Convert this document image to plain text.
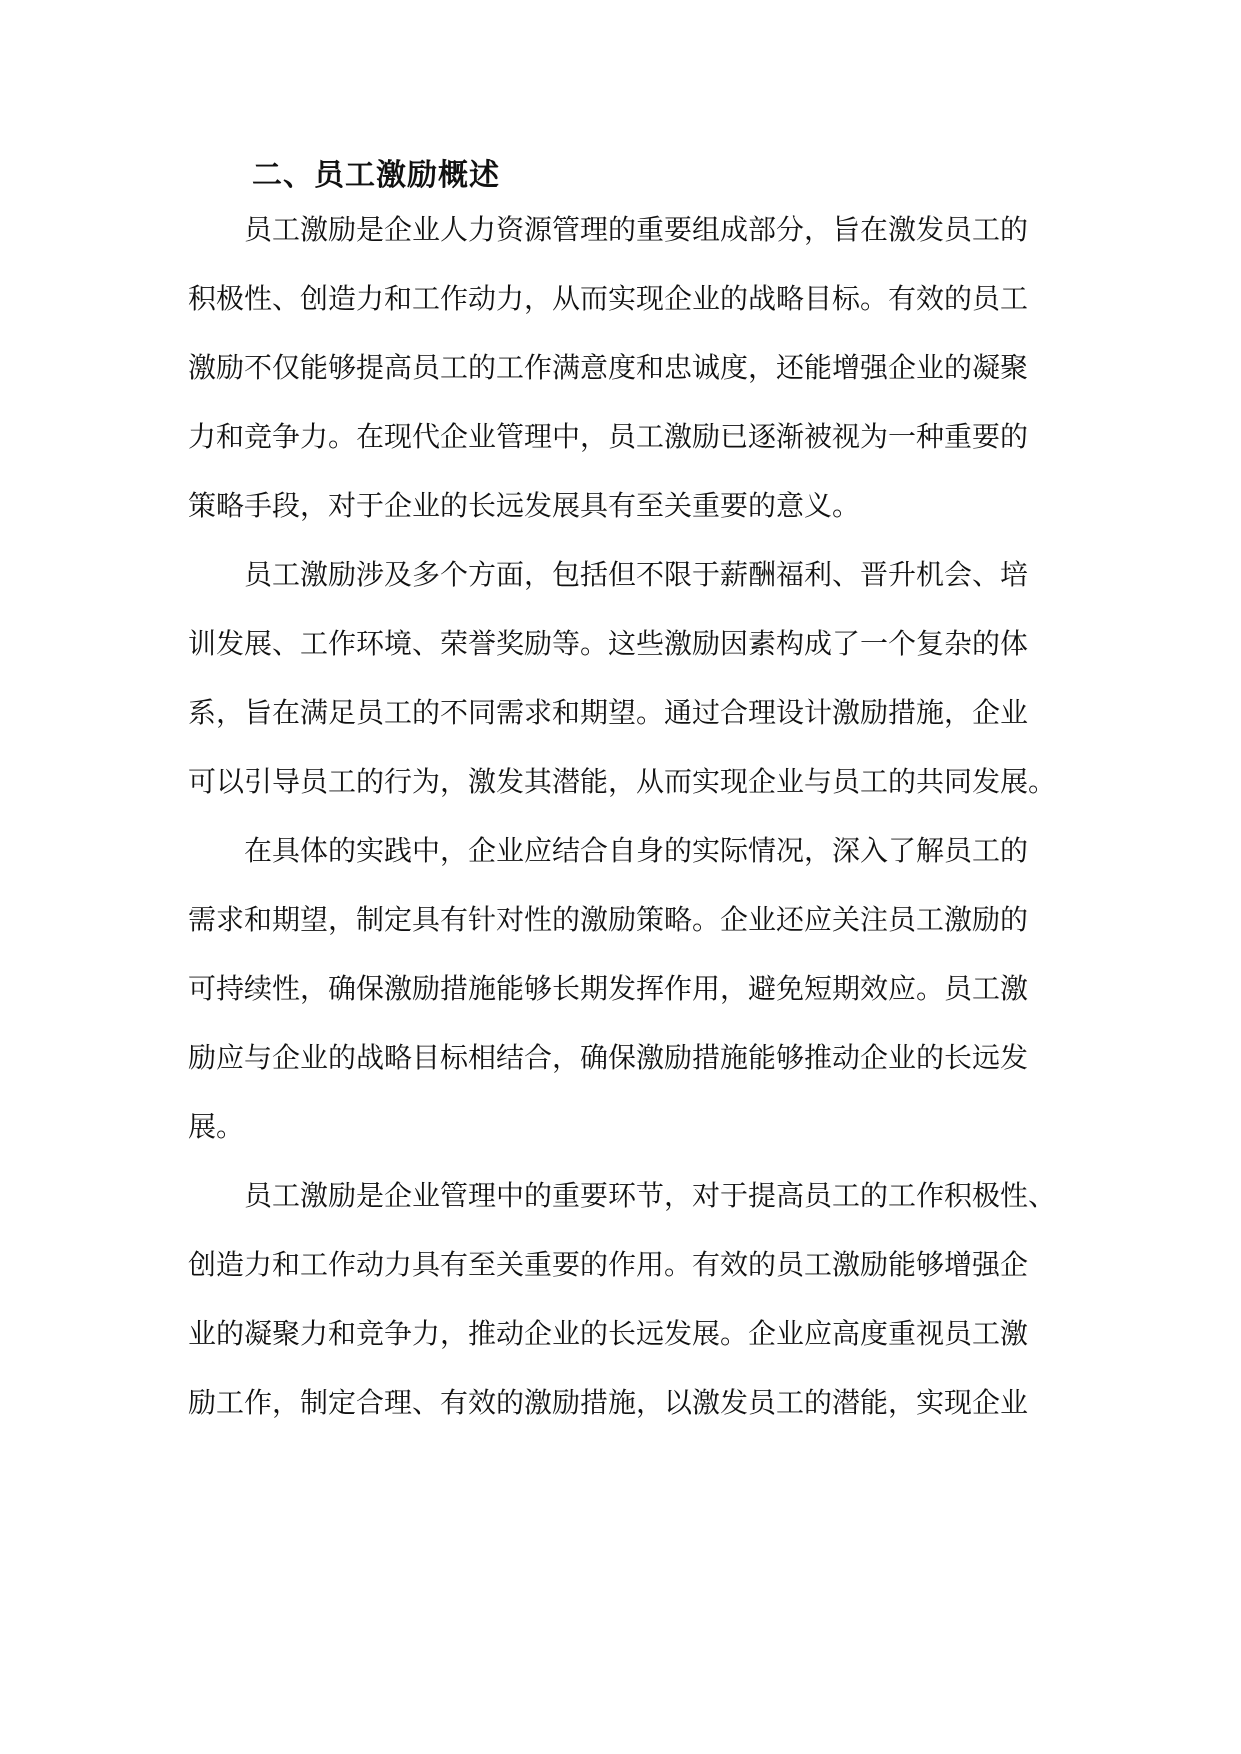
二、员工激励概述
员工激励是企业人力资源管理的重要组成部分，旨在激发员工的
积极性、创造力和工作动力，从而实现企业的战略目标。有效的员工
激励不仅能够提高员工的工作满意度和忠诚度，还能增强企业的凝聚
力和竞争力。在现代企业管理中，员工激励已逐渐被视为一种重要的
策略手段，对于企业的长远发展具有至关重要的意义。
员工激励涉及多个方面，包括但不限于薪酬福利、晋升机会、培
训发展、工作环境、荣誉奖励等。这些激励因素构成了一个复杂的体
系，旨在满足员工的不同需求和期望。通过合理设计激励措施，企业
可以引导员工的行为，激发其潜能，从而实现企业与员工的共同发展。
在具体的实践中，企业应结合自身的实际情况，深入了解员工的
需求和期望，制定具有针对性的激励策略。企业还应关注员工激励的
可持续性，确保激励措施能够长期发挥作用，避免短期效应。员工激
励应与企业的战略目标相结合，确保激励措施能够推动企业的长远发
展。
员工激励是企业管理中的重要环节，对于提高员工的工作积极性、
创造力和工作动力具有至关重要的作用。有效的员工激励能够增强企
业的凝聚力和竞争力，推动企业的长远发展。企业应高度重视员工激
励工作，制定合理、有效的激励措施，以激发员工的潜能，实现企业
